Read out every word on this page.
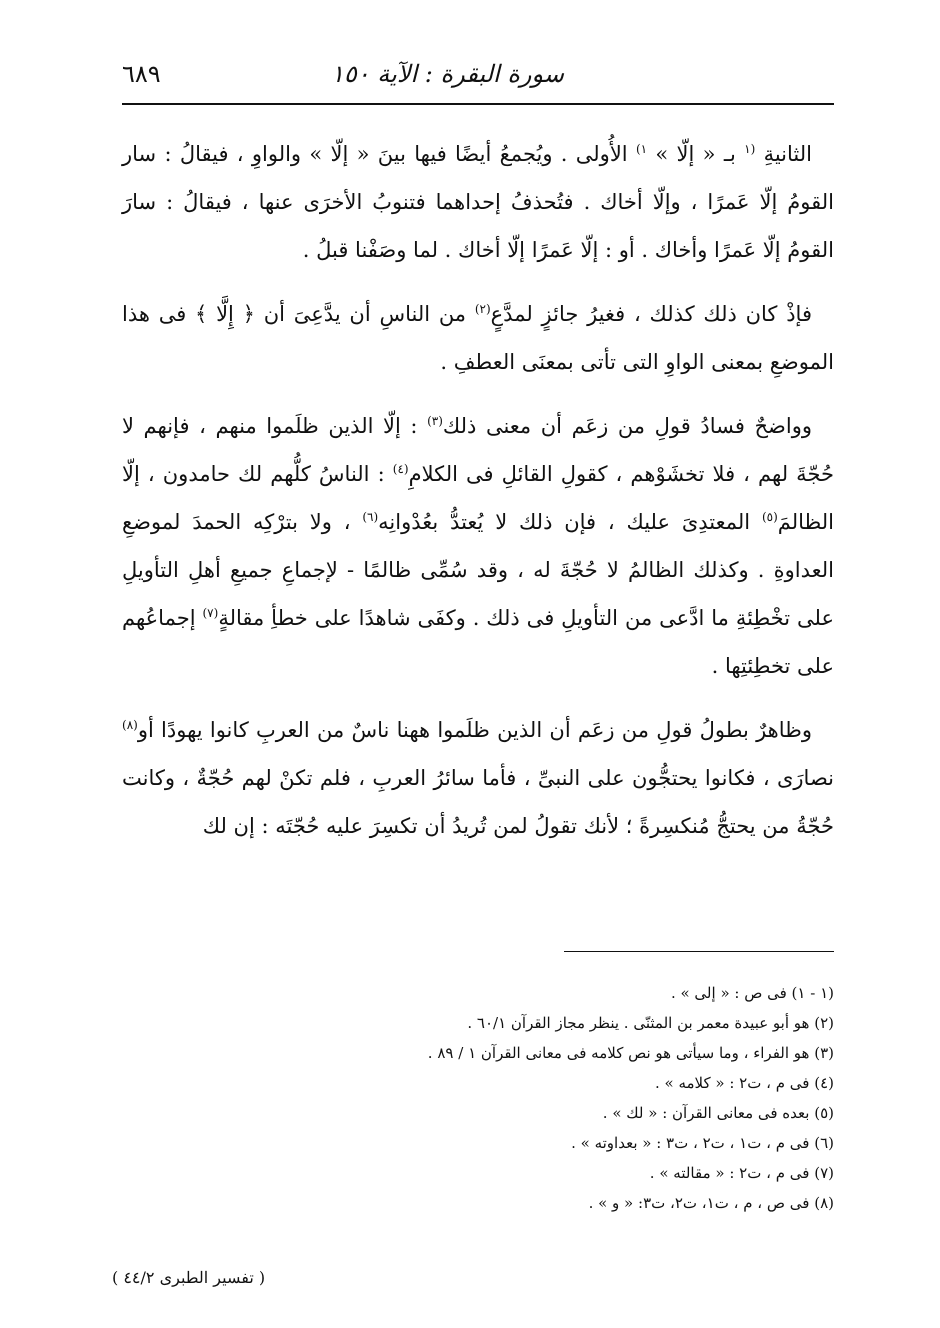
سورة البقرة : الآية ١٥٠
٦٨٩

الثانيةِ $^{(١}$ بـ « إلّا » $^{١)}$ الأُولى . ويُجمعُ أيضًا فيها بينَ « إلّا » والواوِ ، فيقالُ : سار القومُ إلّا عَمرًا ، وإلّا أخاك . فتُحذفُ إحداهما فتنوبُ الأخرَى عنها ، فيقالُ : سارَ القومُ إلّا عَمرًا وأخاك . أو : إلّا عَمرًا إلّا أخاك . لما وصَفْنا قبلُ .

فإذْ كان ذلك كذلك ، فغيرُ جائزٍ لمدَّعٍ$^{(٢)}$ من الناسِ أن يدَّعِىَ أن ﴿ إِلَّا ﴾ فى هذا الموضعِ بمعنى الواوِ التى تأتى بمعنَى العطفِ .

وواضحٌ فسادُ قولِ من زعَم أن معنى ذلك$^{(٣)}$ : إلّا الذين ظلَموا منهم ، فإنهم لا حُجّةَ لهم ، فلا تخشَوْهم ، كقولِ القائلِ فى الكلامِ$^{(٤)}$ : الناسُ كلُّهم لك حامدون ، إلّا الظالمَ$^{(٥)}$ المعتدِىَ عليك ، فإن ذلك لا يُعتدُّ بعُدْوانِه$^{(٦)}$ ، ولا بترْكِه الحمدَ لموضعِ العداوةِ . وكذلك الظالمُ لا حُجّةَ له ، وقد سُمِّى ظالمًا - لإجماعِ جميعِ أهلِ التأويلِ على تخْطِئةِ ما ادَّعى من التأويلِ فى ذلك . وكفَى شاهدًا على خطأِ مقالةٍ$^{(٧)}$ إجماعُهم على تخطِئتِها .

وظاهرٌ بطولُ قولِ من زعَم أن الذين ظلَموا ههنا ناسٌ من العربِ كانوا يهودًا أو$^{(٨)}$ نصارَى ، فكانوا يحتجُّون على النبىِّ ، فأما سائرُ العربِ ، فلم تكنْ لهم حُجّةٌ ، وكانت حُجّةُ من يحتجُّ مُنكسِرةً ؛ لأنك تقولُ لمن تُريدُ أن تكسِرَ عليه حُجّتَه : إن لك

(١ - ١) فى ص : « إلى » .
(٢) هو أبو عبيدة معمر بن المثنّى . ينظر مجاز القرآن ٦٠/١ .
(٣) هو الفراء ، وما سيأتى هو نص كلامه فى معانى القرآن ١ / ٨٩ .
(٤) فى م ، ت٢ : « كلامه » .
(٥) بعده فى معانى القرآن : « لك » .
(٦) فى م ، ت١ ، ت٢ ، ت٣ : « بعداوته » .
(٧) فى م ، ت٢ : « مقالته » .
(٨) فى ص ، م ، ت١، ت٢، ت٣: « و » .
( تفسير الطبرى ٤٤/٢ )
